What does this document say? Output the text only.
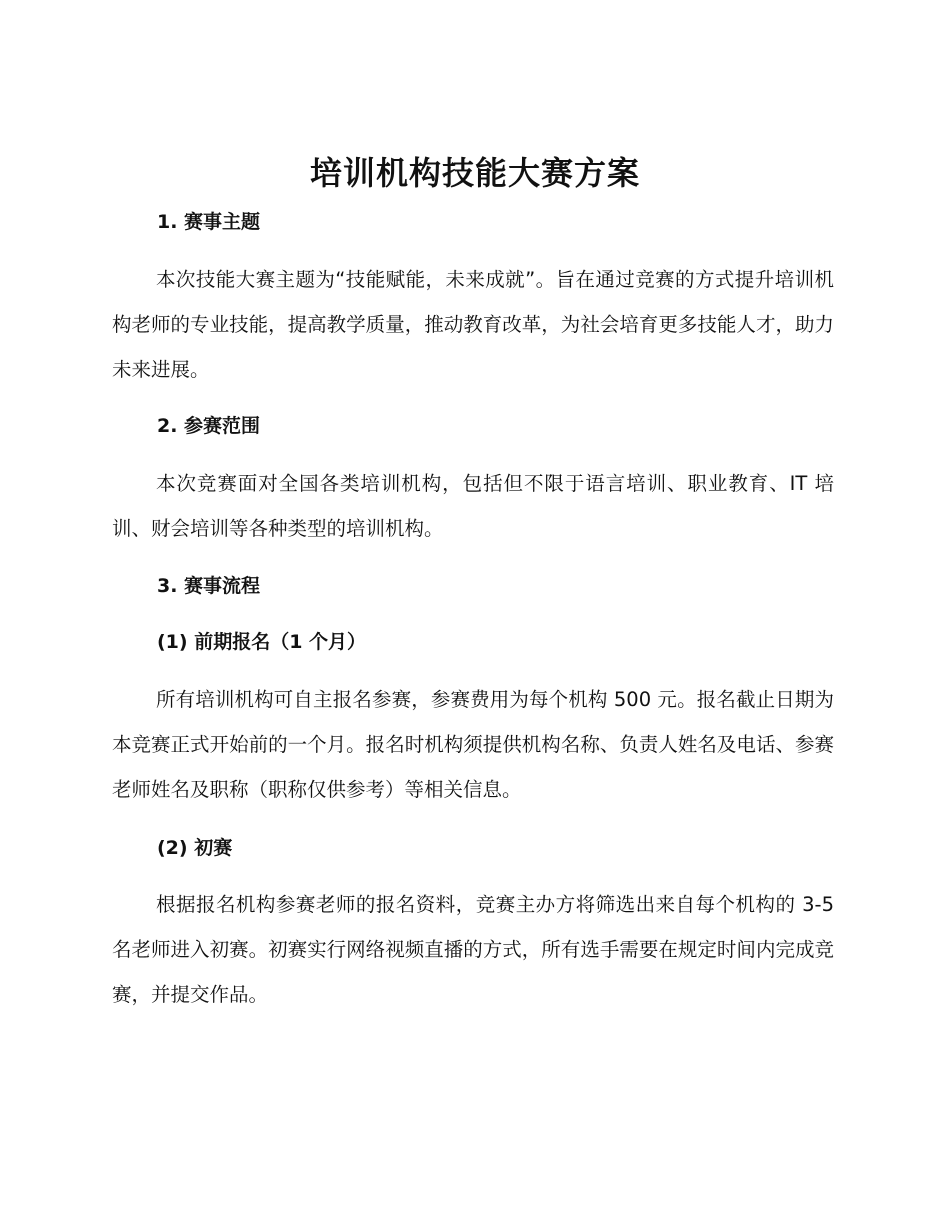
培训机构技能大赛方案
1. 赛事主题

本次技能大赛主题为“技能赋能，未来成就”。旨在通过竞赛的方式提升培训机构老师的专业技能，提高教学质量，推动教育改革，为社会培育更多技能人才，助力未来进展。

2. 参赛范围

本次竞赛面对全国各类培训机构，包括但不限于语言培训、职业教育、IT 培训、财会培训等各种类型的培训机构。

3. 赛事流程
(1) 前期报名（1 个月）

所有培训机构可自主报名参赛，参赛费用为每个机构 500 元。报名截止日期为本竞赛正式开始前的一个月。报名时机构须提供机构名称、负责人姓名及电话、参赛老师姓名及职称（职称仅供参考）等相关信息。

(2) 初赛

根据报名机构参赛老师的报名资料，竞赛主办方将筛选出来自每个机构的 3-5 名老师进入初赛。初赛实行网络视频直播的方式，所有选手需要在规定时间内完成竞赛，并提交作品。
